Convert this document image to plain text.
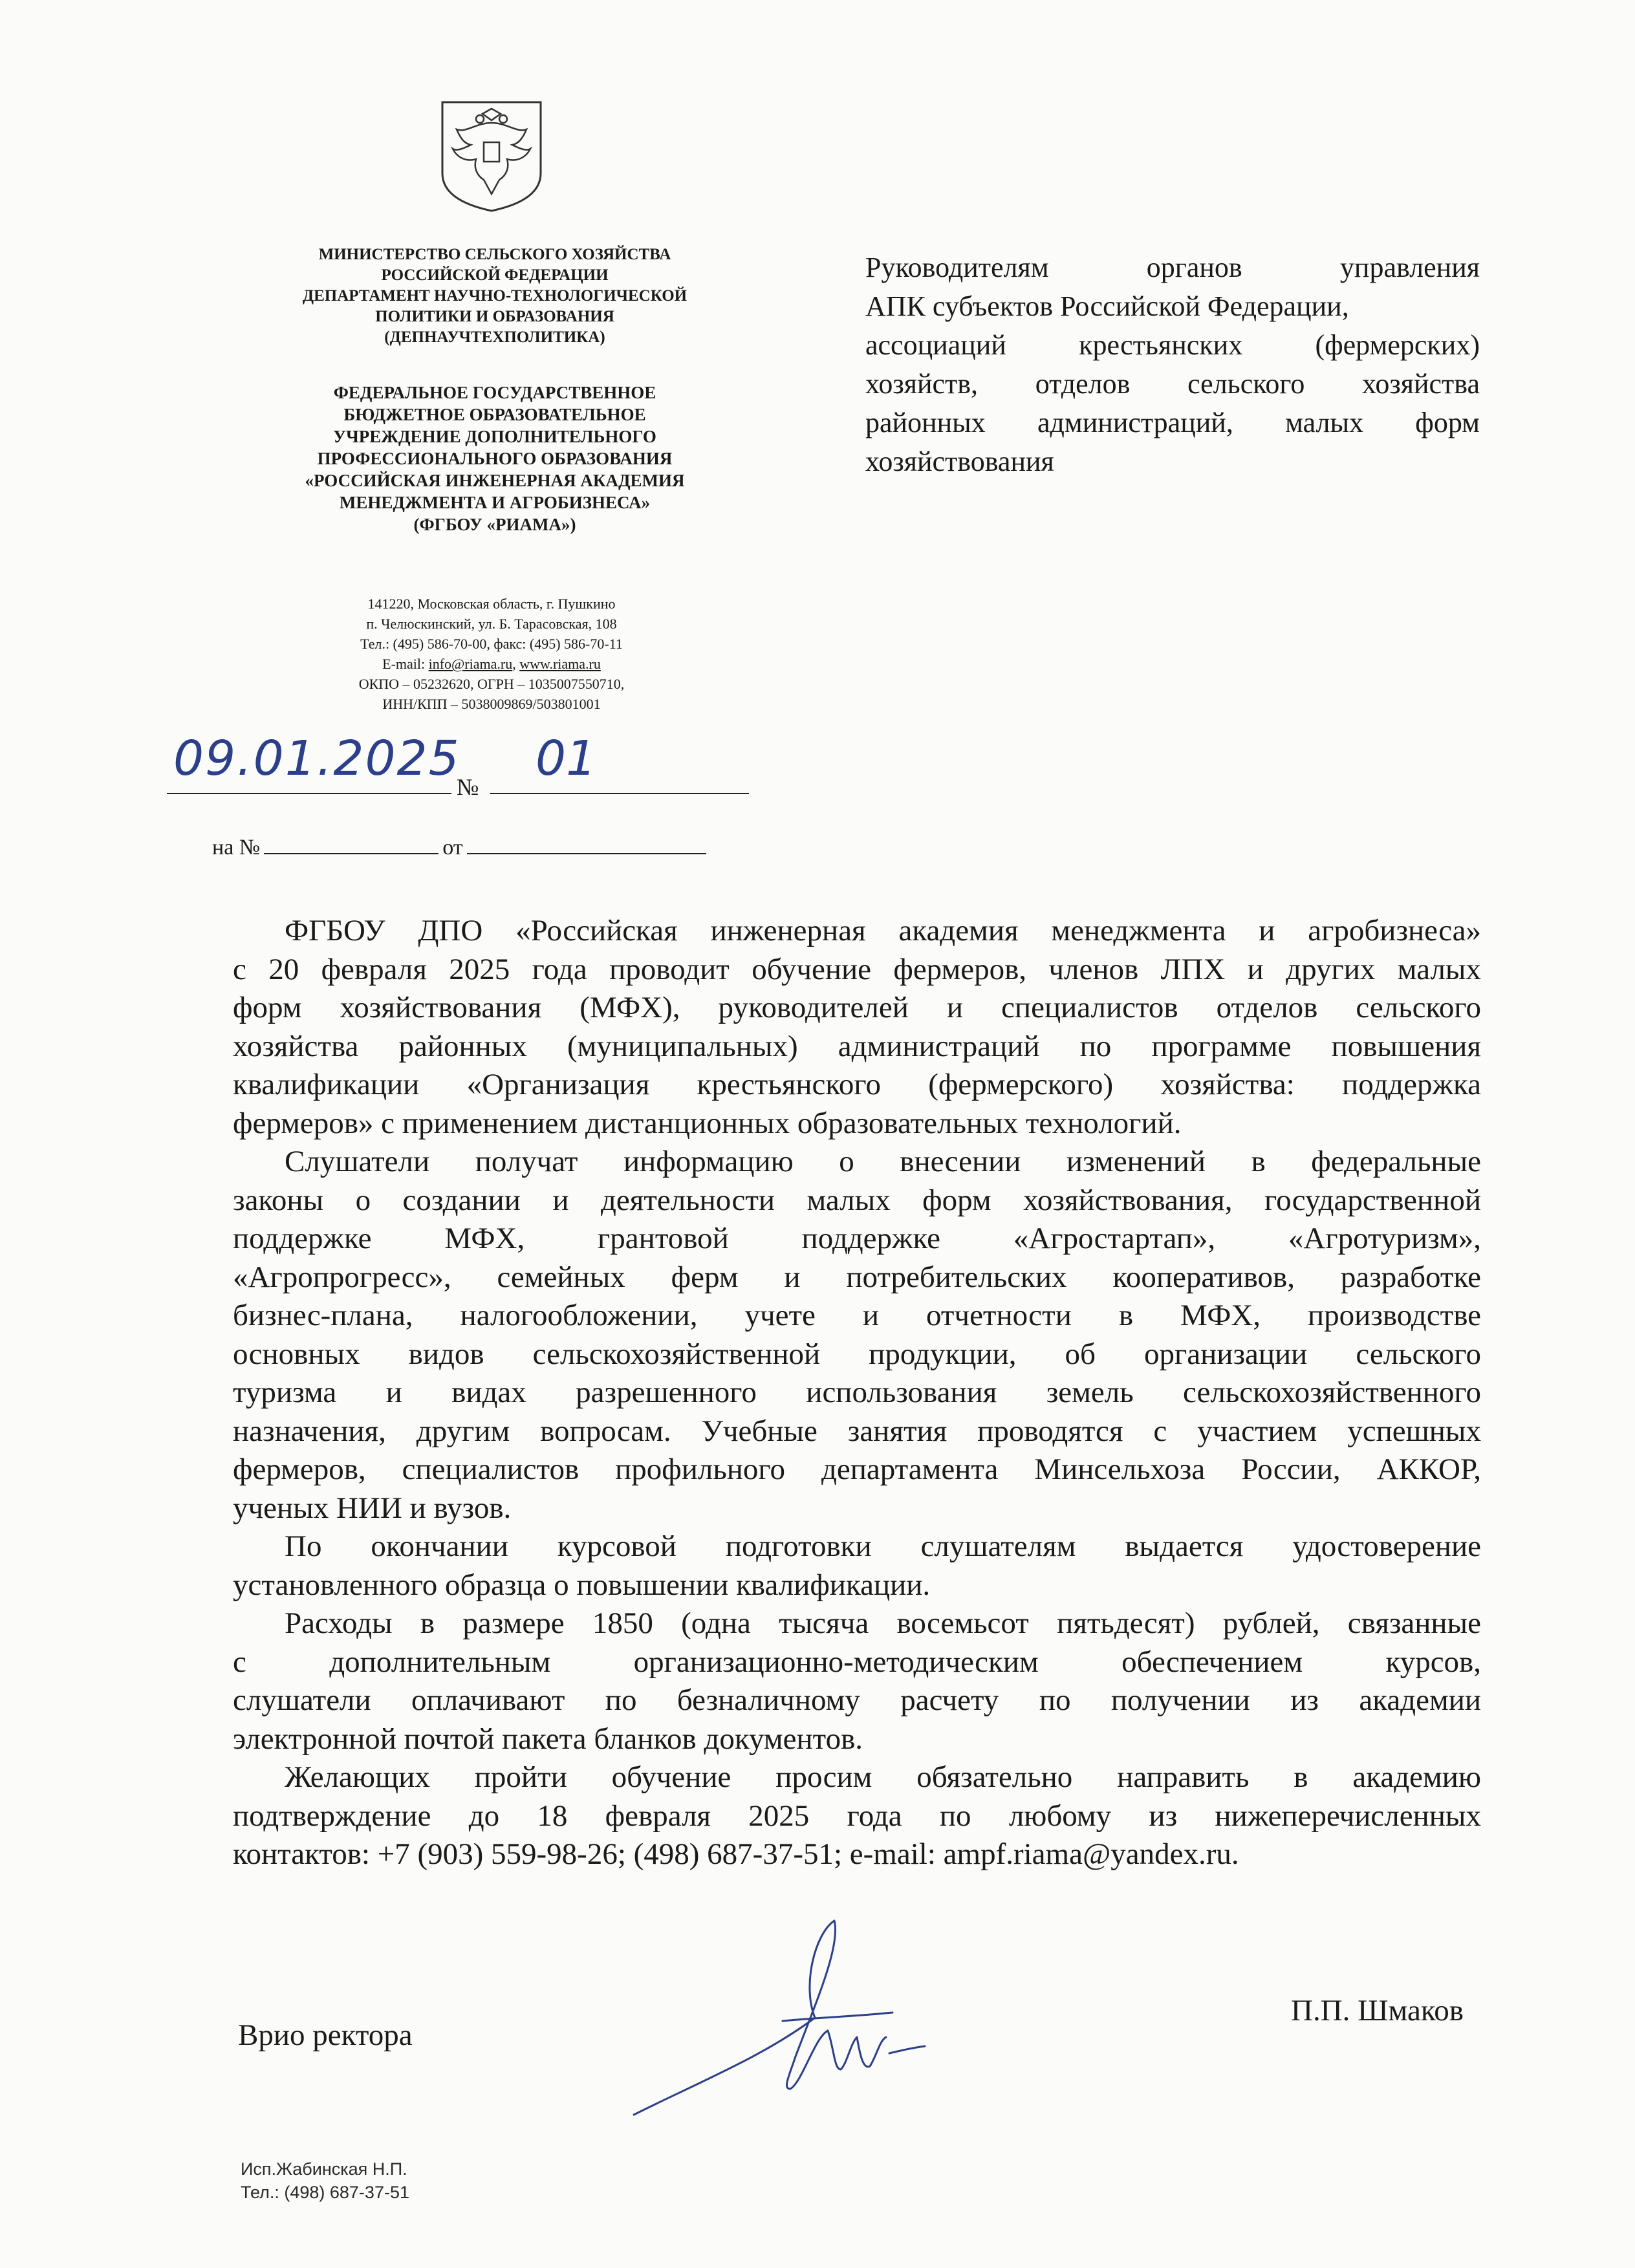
МИНИСТЕРСТВО СЕЛЬСКОГО ХОЗЯЙСТВА
РОССИЙСКОЙ ФЕДЕРАЦИИ
ДЕПАРТАМЕНТ НАУЧНО-ТЕХНОЛОГИЧЕСКОЙ
ПОЛИТИКИ И ОБРАЗОВАНИЯ
(ДЕПНАУЧТЕХПОЛИТИКА)
ФЕДЕРАЛЬНОЕ ГОСУДАРСТВЕННОЕ
БЮДЖЕТНОЕ ОБРАЗОВАТЕЛЬНОЕ
УЧРЕЖДЕНИЕ ДОПОЛНИТЕЛЬНОГО
ПРОФЕССИОНАЛЬНОГО ОБРАЗОВАНИЯ
«РОССИЙСКАЯ ИНЖЕНЕРНАЯ АКАДЕМИЯ
МЕНЕДЖМЕНТА И АГРОБИЗНЕСА»
(ФГБОУ «РИАМА»)
141220, Московская область, г. Пушкино
п. Челюскинский, ул. Б. Тарасовская, 108
Тел.: (495) 586-70-00, факс: (495) 586-70-11
E-mail: info@riama.ru, www.riama.ru
ОКПО – 05232620, ОГРН – 1035007550710,
ИНН/КПП – 5038009869/503801001
09.01.2025
№
01
на №	от
Руководителям органов управления
АПК субъектов Российской Федерации,
ассоциаций крестьянских (фермерских)
хозяйств, отделов сельского хозяйства
районных администраций, малых форм
хозяйствования
ФГБОУ ДПО «Российская инженерная академия менеджмента и агробизнеса»
с 20 февраля 2025 года проводит обучение фермеров, членов ЛПХ и других малых
форм хозяйствования (МФХ), руководителей и специалистов отделов сельского
хозяйства районных (муниципальных) администраций по программе повышения
квалификации «Организация крестьянского (фермерского) хозяйства: поддержка
фермеров» с применением дистанционных образовательных технологий.
Слушатели получат информацию о внесении изменений в федеральные
законы о создании и деятельности малых форм хозяйствования, государственной
поддержке МФХ, грантовой поддержке «Агростартап», «Агротуризм»,
«Агропрогресс», семейных ферм и потребительских кооперативов, разработке
бизнес-плана, налогообложении, учете и отчетности в МФХ, производстве
основных видов сельскохозяйственной продукции, об организации сельского
туризма и видах разрешенного использования земель сельскохозяйственного
назначения, другим вопросам. Учебные занятия проводятся с участием успешных
фермеров, специалистов профильного департамента Минсельхоза России, АККОР,
ученых НИИ и вузов.
По окончании курсовой подготовки слушателям выдается удостоверение
установленного образца о повышении квалификации.
Расходы в размере 1850 (одна тысяча восемьсот пятьдесят) рублей, связанные
с дополнительным организационно-методическим обеспечением курсов,
слушатели оплачивают по безналичному расчету по получении из академии
электронной почтой пакета бланков документов.
Желающих пройти обучение просим обязательно направить в академию
подтверждение до 18 февраля 2025 года по любому из нижеперечисленных
контактов: +7 (903) 559-98-26; (498) 687-37-51; e-mail: ampf.riama@yandex.ru.
Врио ректора
П.П. Шмаков
Исп.Жабинская Н.П.
Тел.: (498) 687-37-51
